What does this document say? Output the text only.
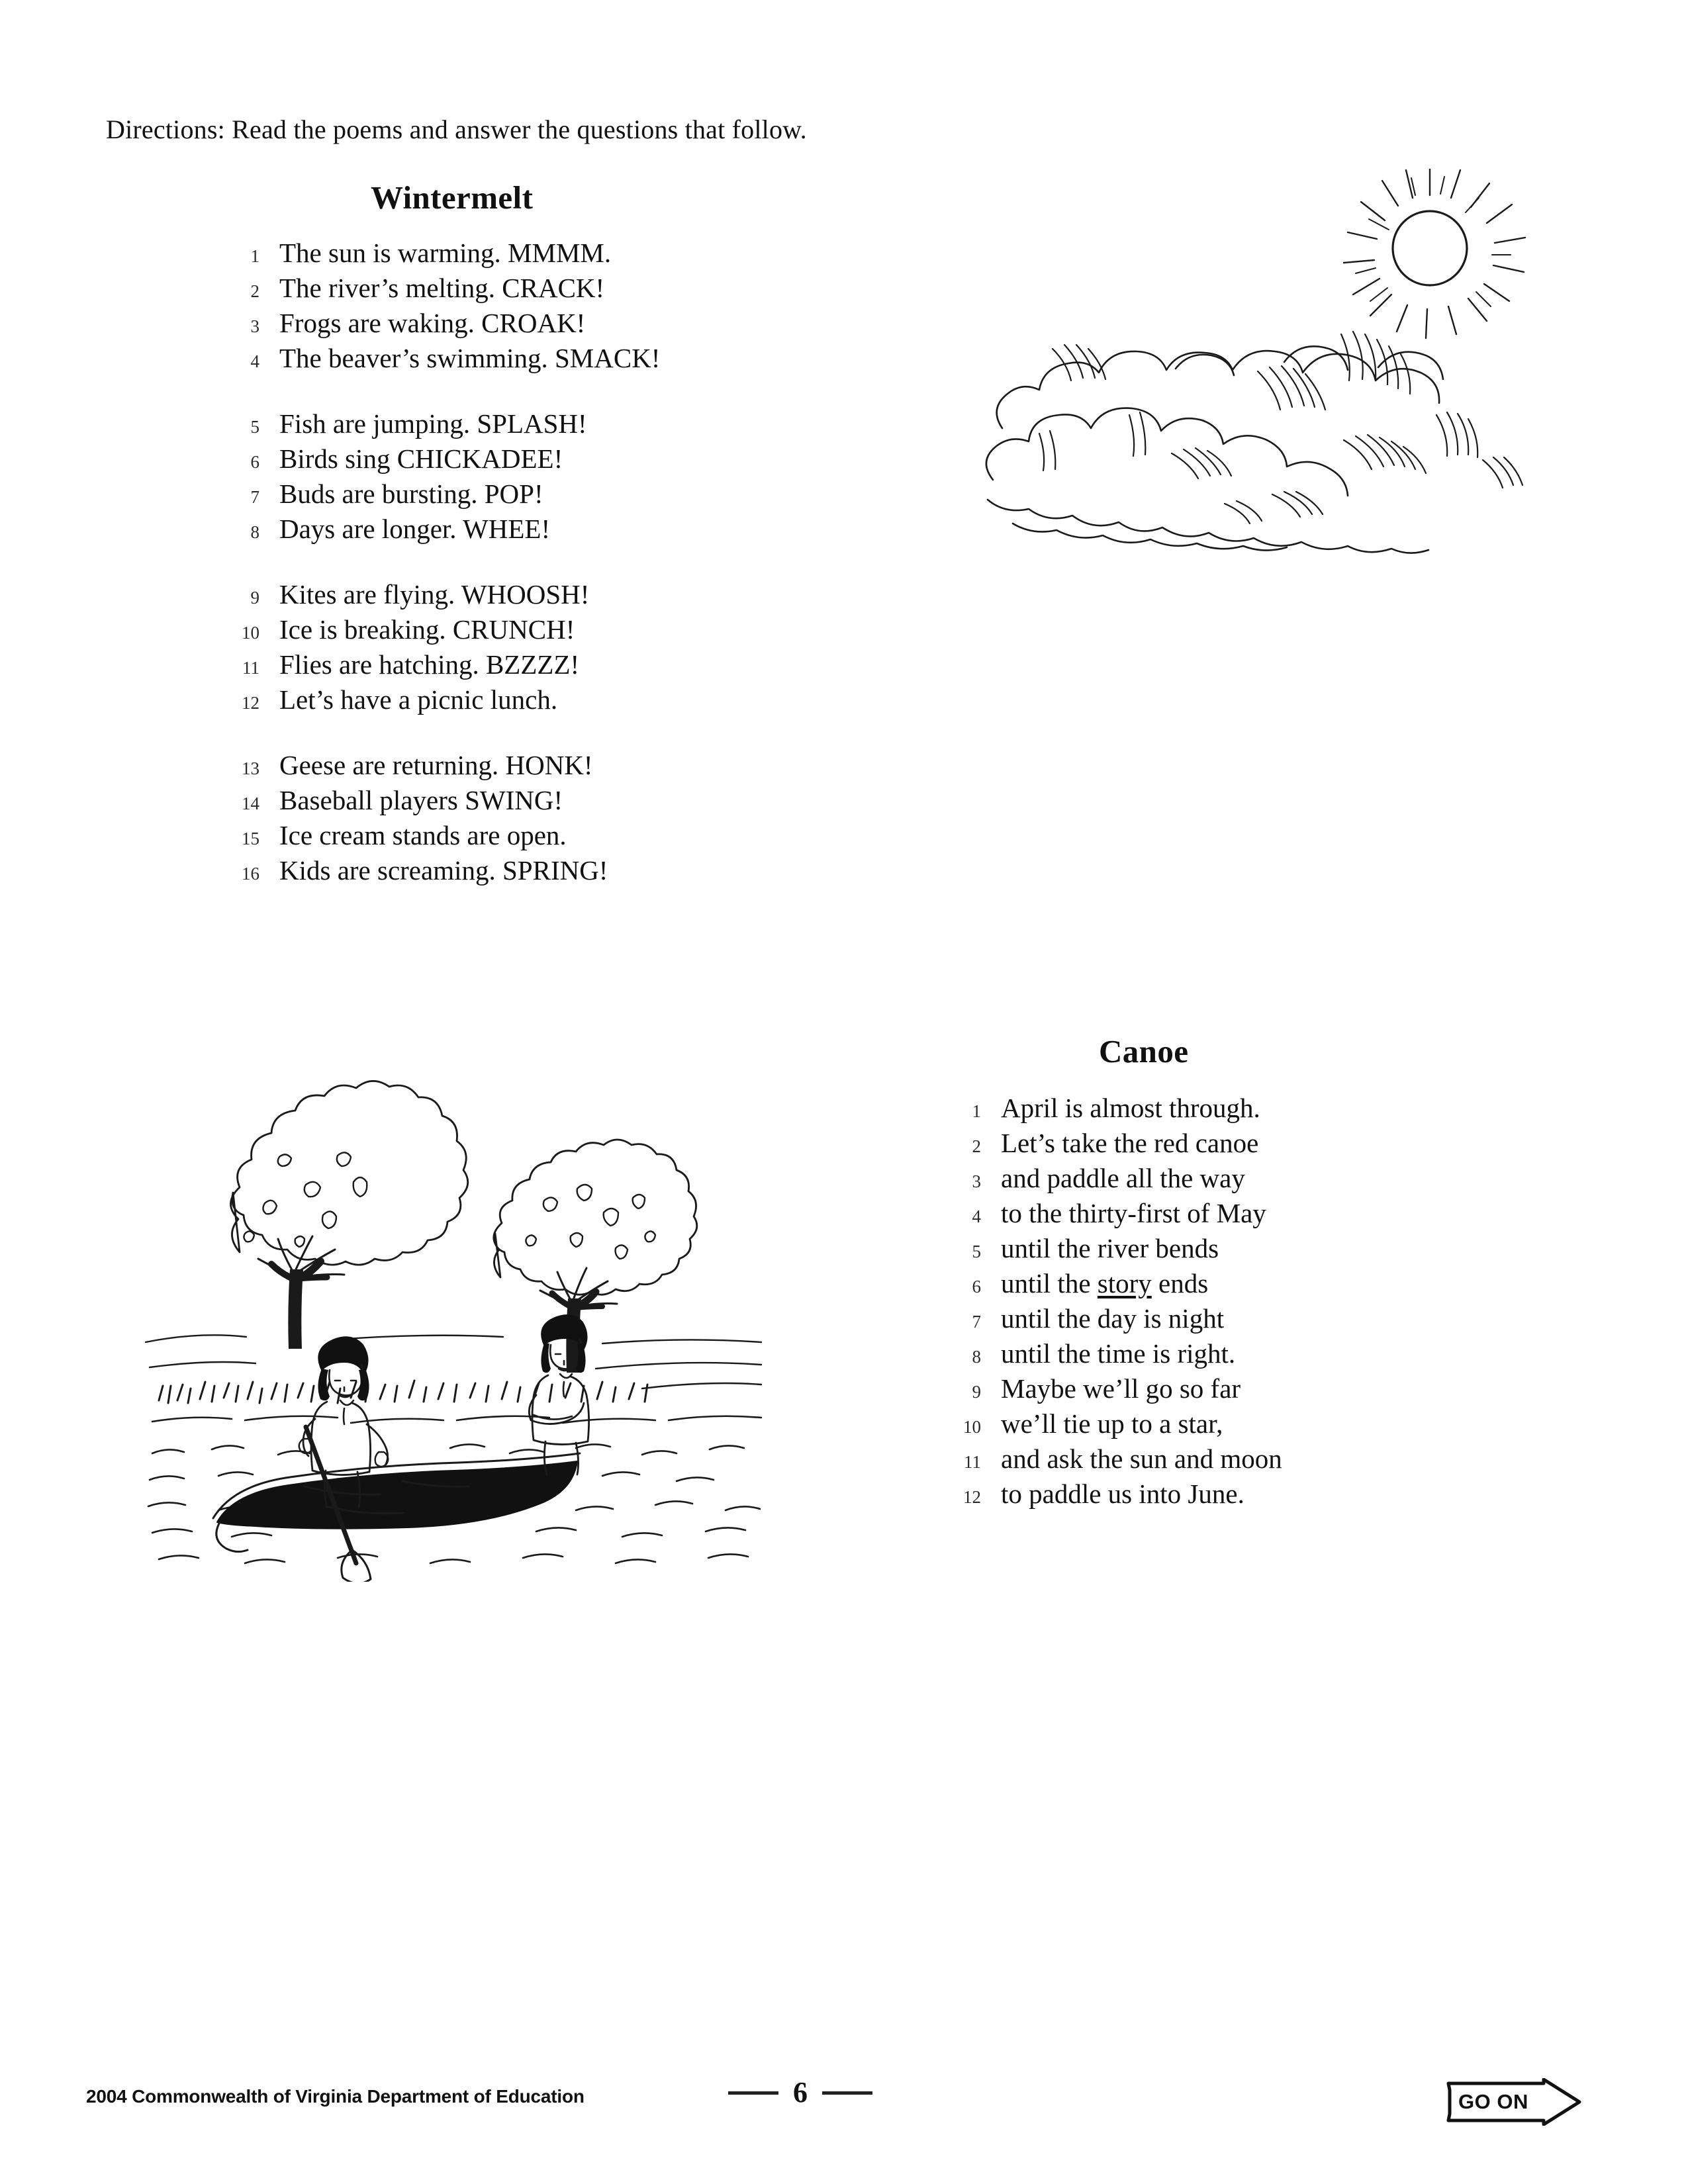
Directions: Read the poems and answer the questions that follow.
Wintermelt
1 The sun is warming. MMMM.
2 The river’s melting. CRACK!
3 Frogs are waking. CROAK!
4 The beaver’s swimming. SMACK!
5 Fish are jumping. SPLASH!
6 Birds sing CHICKADEE!
7 Buds are bursting. POP!
8 Days are longer. WHEE!
9 Kites are flying. WHOOSH!
10 Ice is breaking. CRUNCH!
11 Flies are hatching. BZZZZ!
12 Let’s have a picnic lunch.
13 Geese are returning. HONK!
14 Baseball players SWING!
15 Ice cream stands are open.
16 Kids are screaming. SPRING!
Canoe
1 April is almost through.
2 Let’s take the red canoe
3 and paddle all the way
4 to the thirty-first of May
5 until the river bends
6 until the story ends
7 until the day is night
8 until the time is right.
9 Maybe we’ll go so far
10 we’ll tie up to a star,
11 and ask the sun and moon
12 to paddle us into June.
2004 Commonwealth of Virginia Department of Education	6	GO ON
